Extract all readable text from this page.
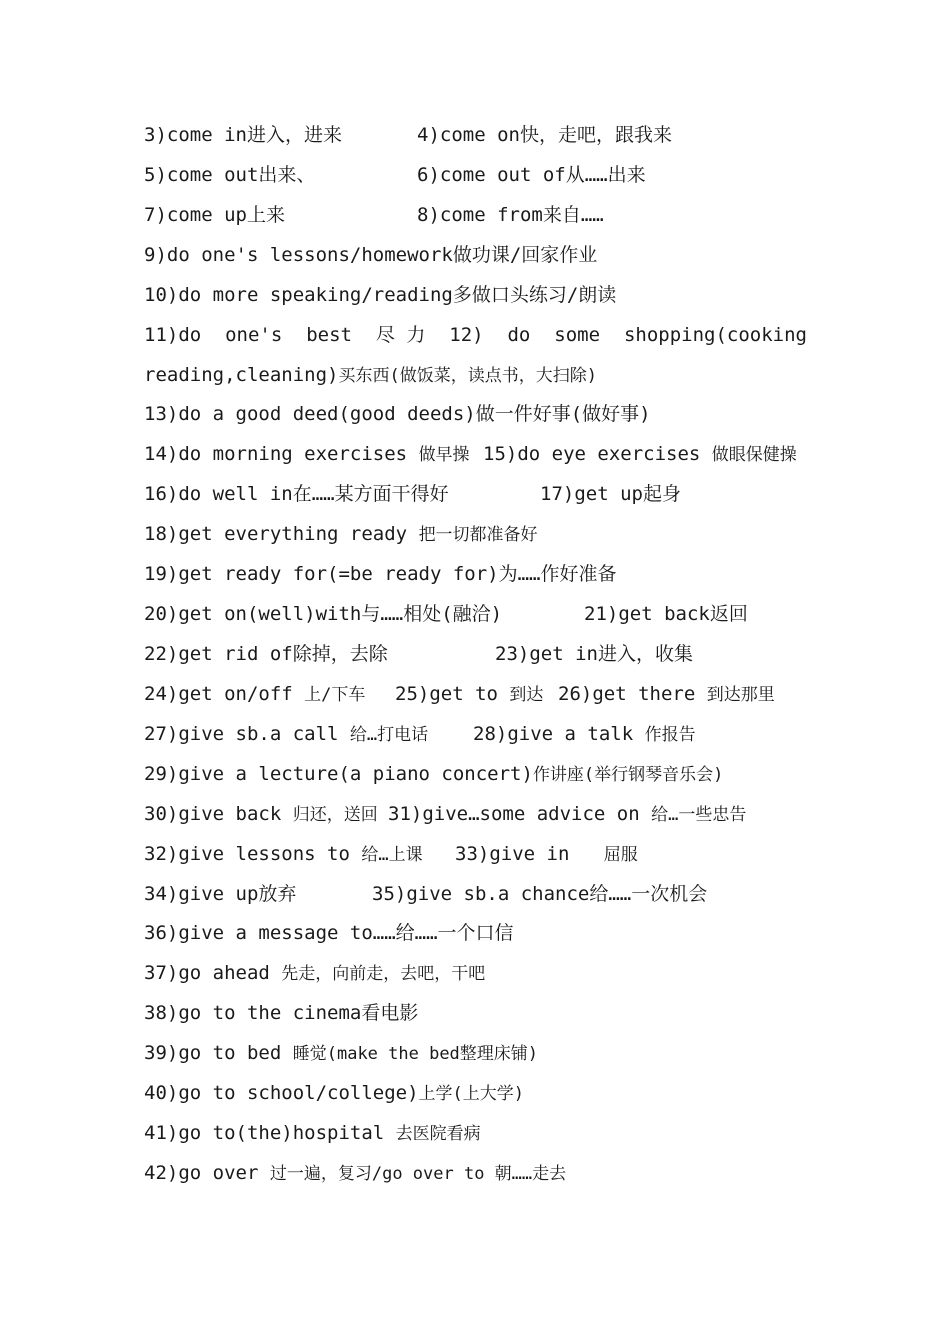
3)come in进入，进来	4)come on快，走吧，跟我来
5)come out出来、	6)come out of从……出来
7)come up上来	8)come from来自……
9)do one's lessons/homework做功课/回家作业
10)do more speaking/reading多做口头练习/朗读
11)do one's best 尽 力 12) do some shopping(cooking
reading,cleaning)买东西(做饭菜，读点书，大扫除)
13)do a good deed(good deeds)做一件好事(做好事)
14)do morning exercises 做早操 15)do eye exercises 做眼保健操
16)do well in在……某方面干得好	17)get up起身
18)get everything ready 把一切都准备好
19)get ready for(=be ready for)为……作好准备
20)get on(well)with与……相处(融洽)	21)get back返回
22)get rid of除掉，去除	23)get in进入，收集
24)get on/off 上/下车 25)get to 到达 26)get there 到达那里
27)give sb.a call 给…打电话 28)give a talk 作报告
29)give a lecture(a piano concert)作讲座(举行钢琴音乐会)
30)give back 归还，送回 31)give…some advice on 给…一些忠告
32)give lessons to 给…上课 33)give in 屈服
34)give up放弃	35)give sb.a chance给……一次机会
36)give a message to……给……一个口信
37)go ahead 先走，向前走，去吧，干吧
38)go to the cinema看电影
39)go to bed 睡觉(make the bed整理床铺)
40)go to school/college)上学(上大学)
41)go to(the)hospital 去医院看病
42)go over 过一遍，复习/go over to 朝……走去
